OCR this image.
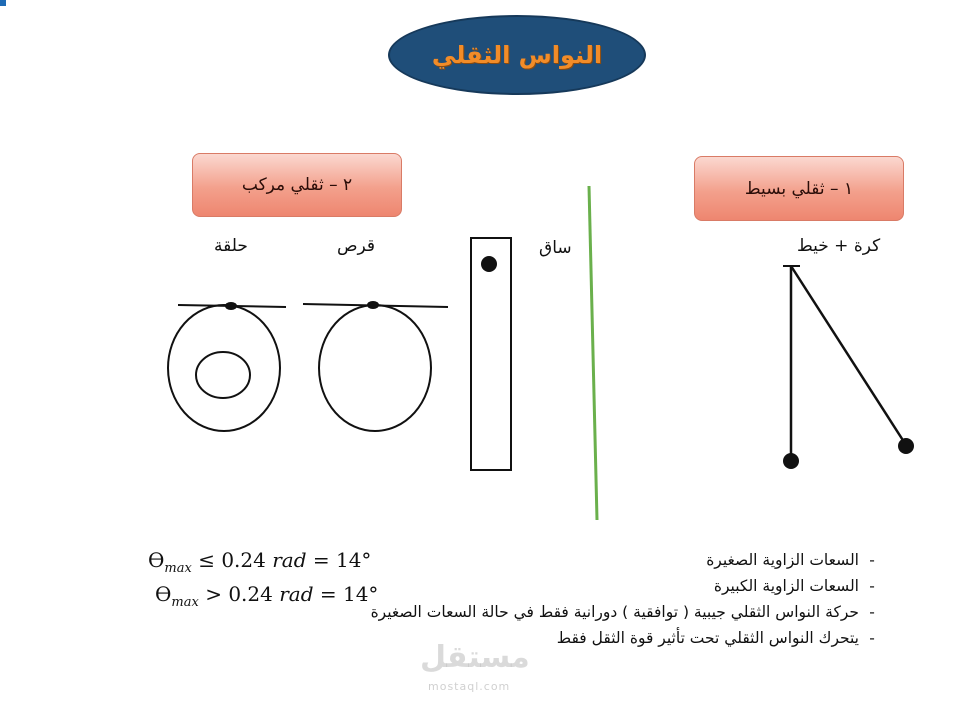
النواس الثقلي
١ – ثقلي بسيط
٢ – ثقلي مركب
كرة + خيط
حلقة	قرص	ساق
-السعات الزاوية الصغيرة
-السعات الزاوية الكبيرة
-حركة النواس الثقلي جيبية ( توافقية ) دورانية فقط في حالة السعات الصغيرة
-يتحرك النواس الثقلي تحت تأثير قوة الثقل فقط
$ϴ_{max} \le 0.24$ rad = 14°
$ϴ_{max} > 0.24$ rad = 14°
مستقل
mostaql.com
